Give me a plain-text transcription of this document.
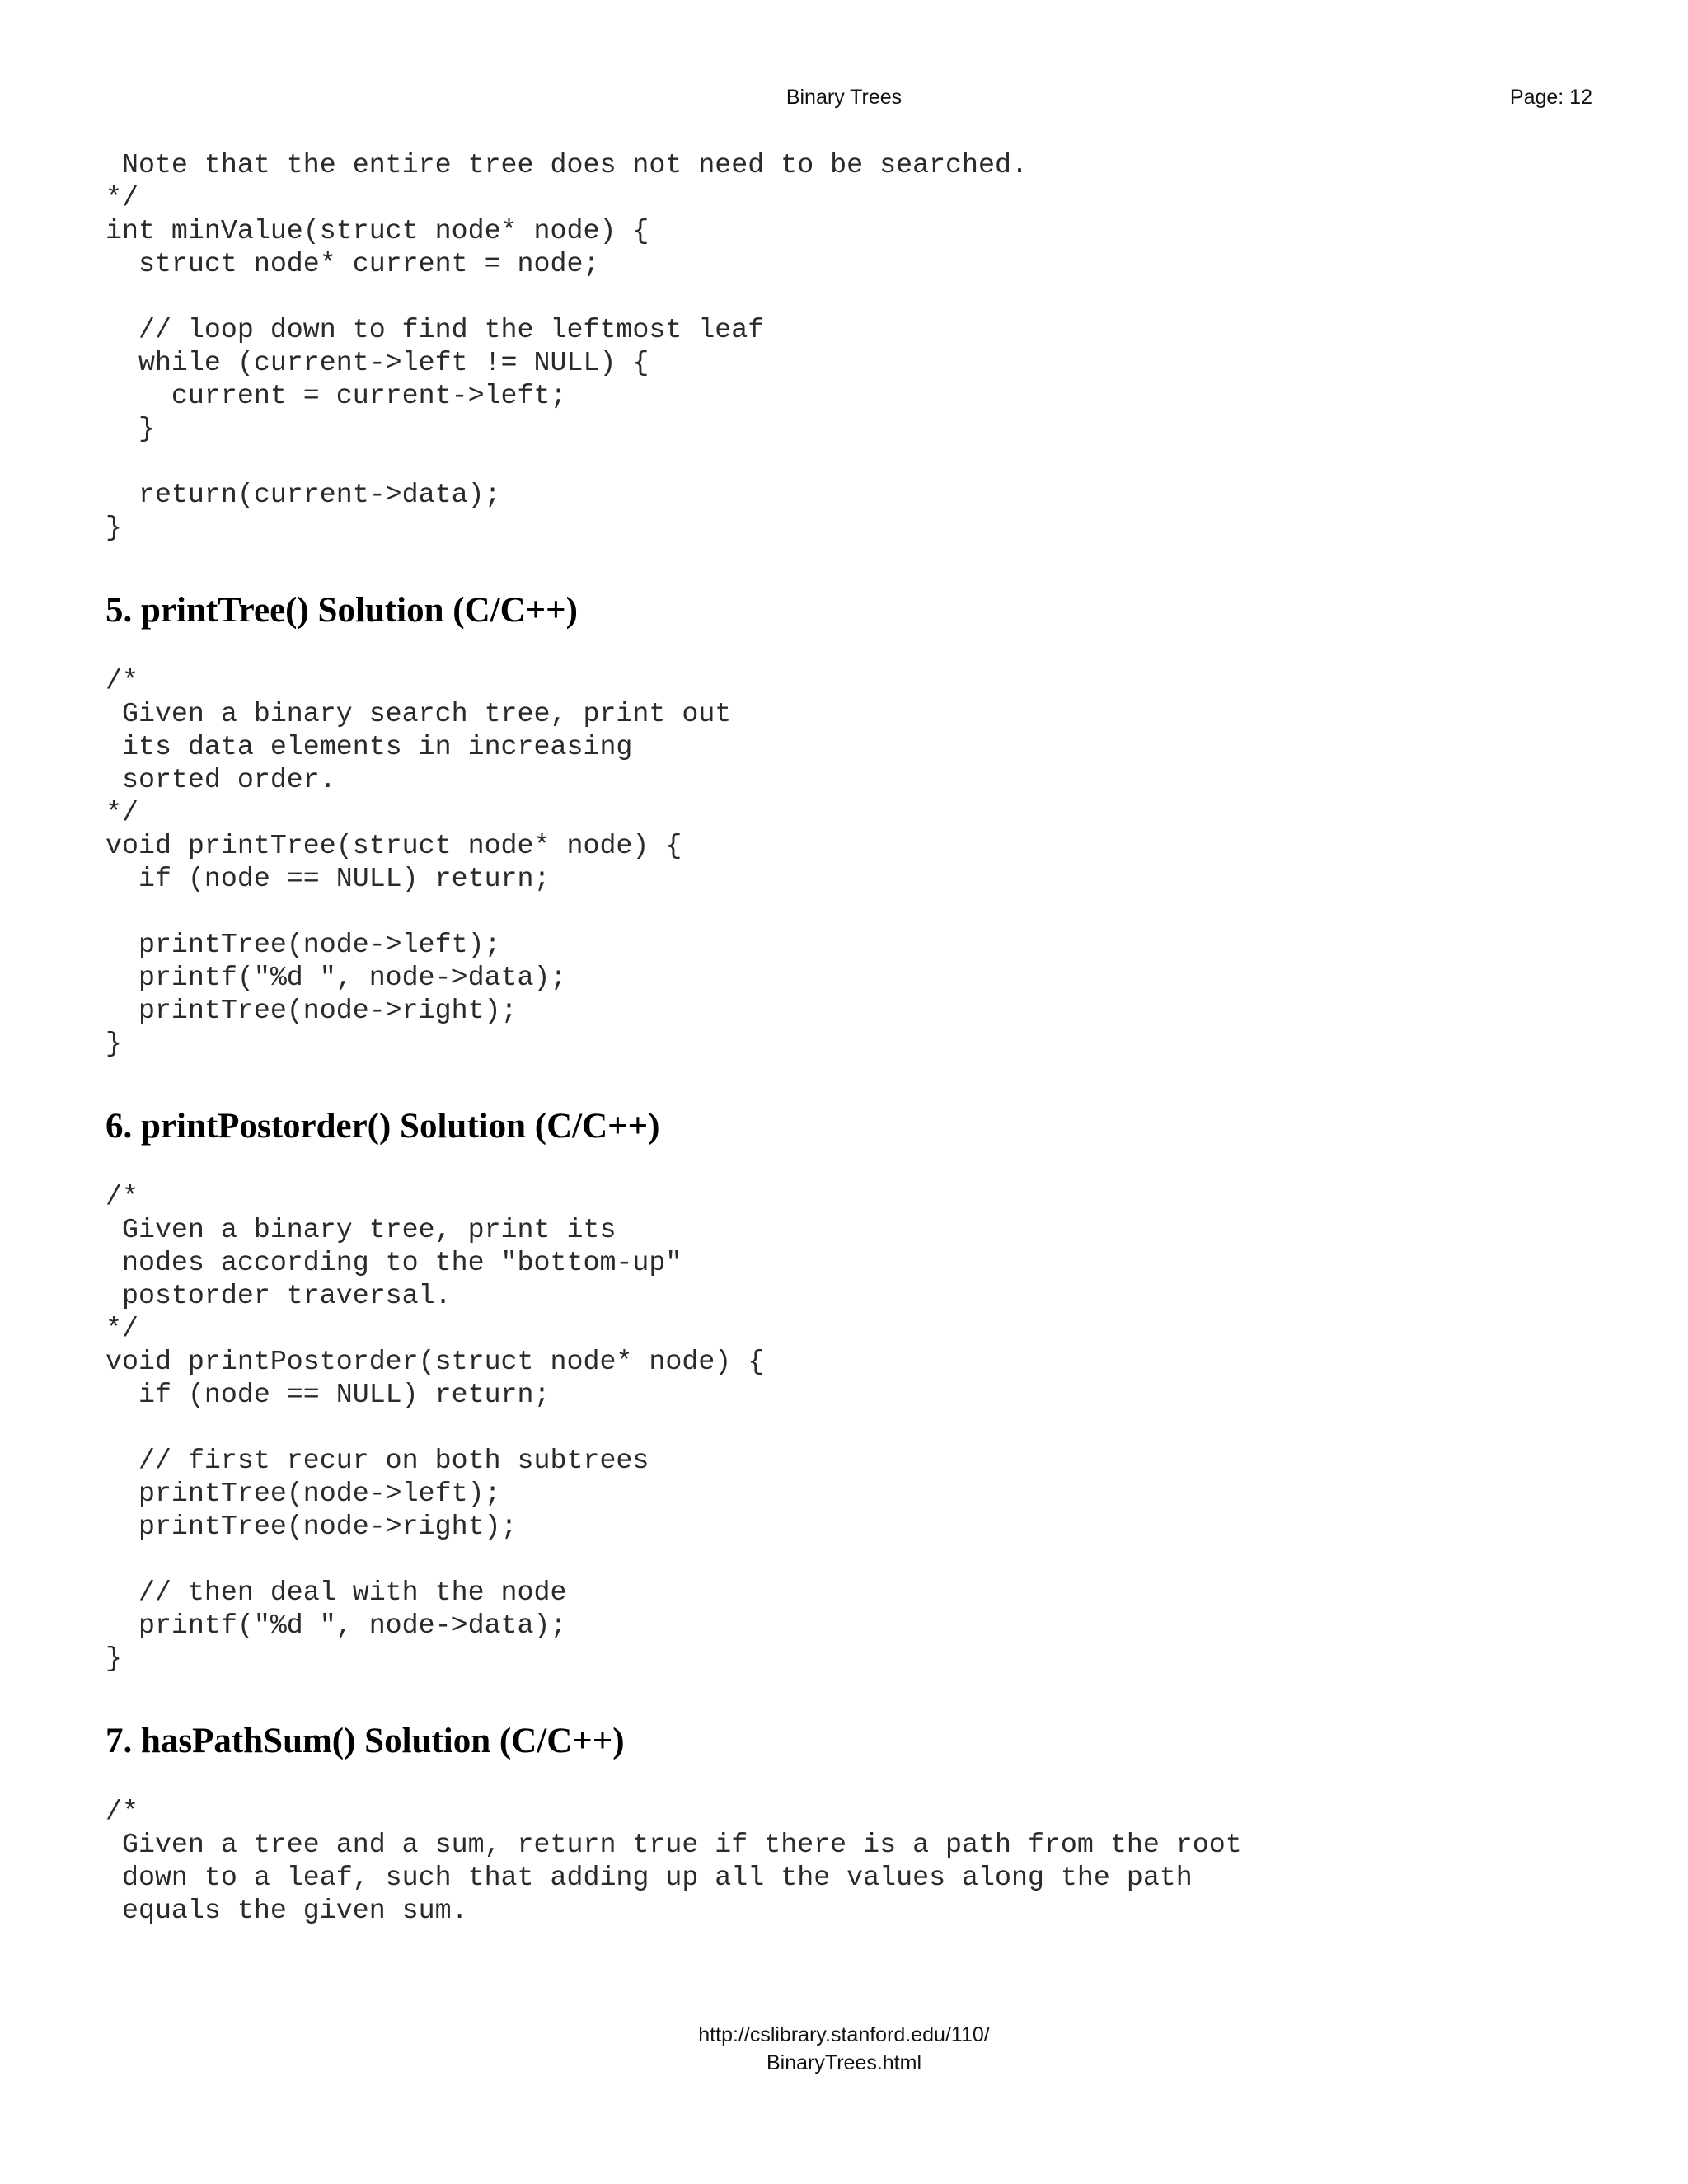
Binary Trees	Page: 12
Note that the entire tree does not need to be searched.
*/
int minValue(struct node* node) {
struct node* current = node;
// loop down to find the leftmost leaf
while (current->left != NULL) {
current = current->left;
}
return(current->data);
}
5. printTree() Solution (C/C++)
/*
Given a binary search tree, print out
its data elements in increasing
sorted order.
*/
void printTree(struct node* node) {
if (node == NULL) return;
printTree(node->left);
printf("%d ", node->data);
printTree(node->right);
}
6. printPostorder() Solution (C/C++)
/*
Given a binary tree, print its
nodes according to the "bottom-up"
postorder traversal.
*/
void printPostorder(struct node* node) {
if (node == NULL) return;
// first recur on both subtrees
printTree(node->left);
printTree(node->right);
// then deal with the node
printf("%d ", node->data);
}
7. hasPathSum() Solution (C/C++)
/*
Given a tree and a sum, return true if there is a path from the root
down to a leaf, such that adding up all the values along the path
equals the given sum.
http://cslibrary.stanford.edu/110/
BinaryTrees.html
